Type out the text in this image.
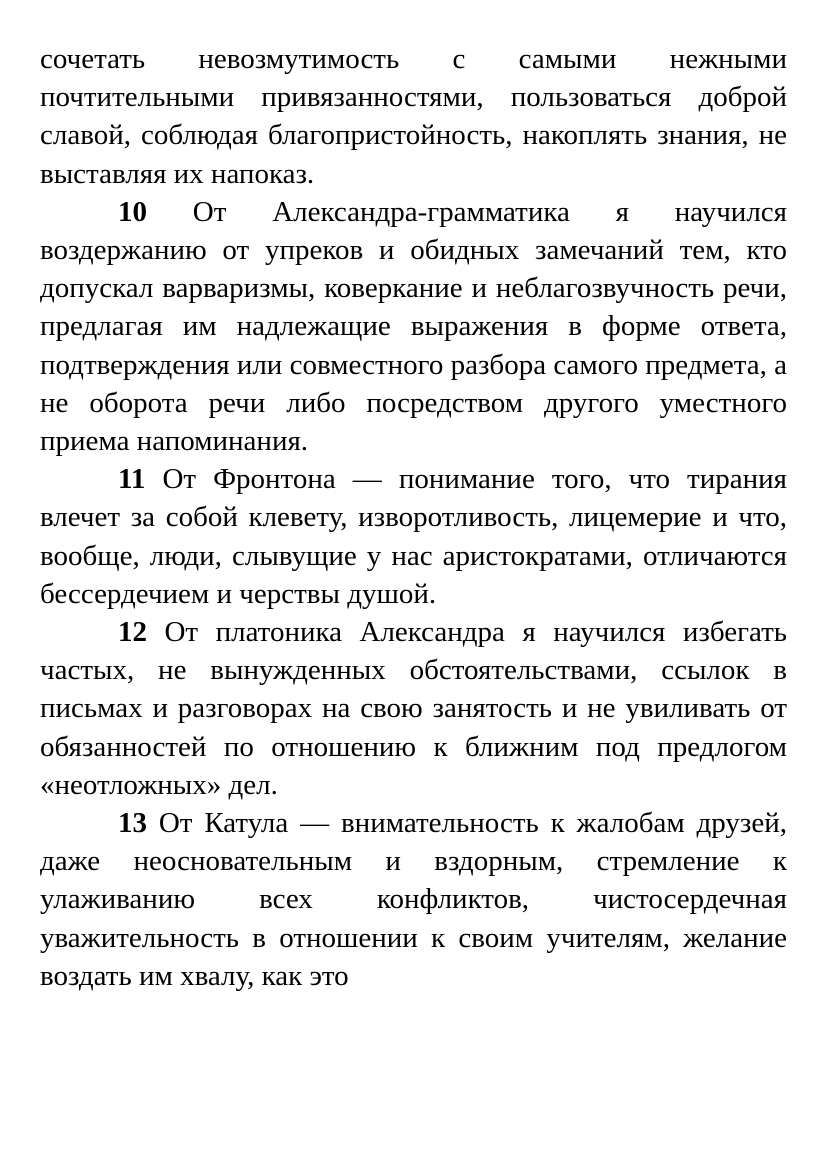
сочетать невозмутимость с самыми нежными почтительными привязанностями, пользоваться доброй славой, соблюдая благопристойность, накоплять знания, не выставляя их напоказ.

10 От Александра-грамматика я научился воздержанию от упреков и обидных замечаний тем, кто допускал варваризмы, коверкание и неблагозвучность речи, предлагая им надлежащие выражения в форме ответа, подтверждения или совместного разбора самого предмета, а не оборота речи либо посредством другого уместного приема напоминания.

11 От Фронтона — понимание того, что тирания влечет за собой клевету, изворотливость, лицемерие и что, вообще, люди, слывущие у нас аристократами, отличаются бессердечием и черствы душой.

12 От платоника Александра я научился избегать частых, не вынужденных обстоятельствами, ссылок в письмах и разговорах на свою занятость и не увиливать от обязанностей по отношению к ближним под предлогом «неотложных» дел.

13 От Катула — внимательность к жалобам друзей, даже неосновательным и вздорным, стремление к улаживанию всех конфликтов, чистосердечная уважительность в отношении к своим учителям, желание воздать им хвалу, как это
